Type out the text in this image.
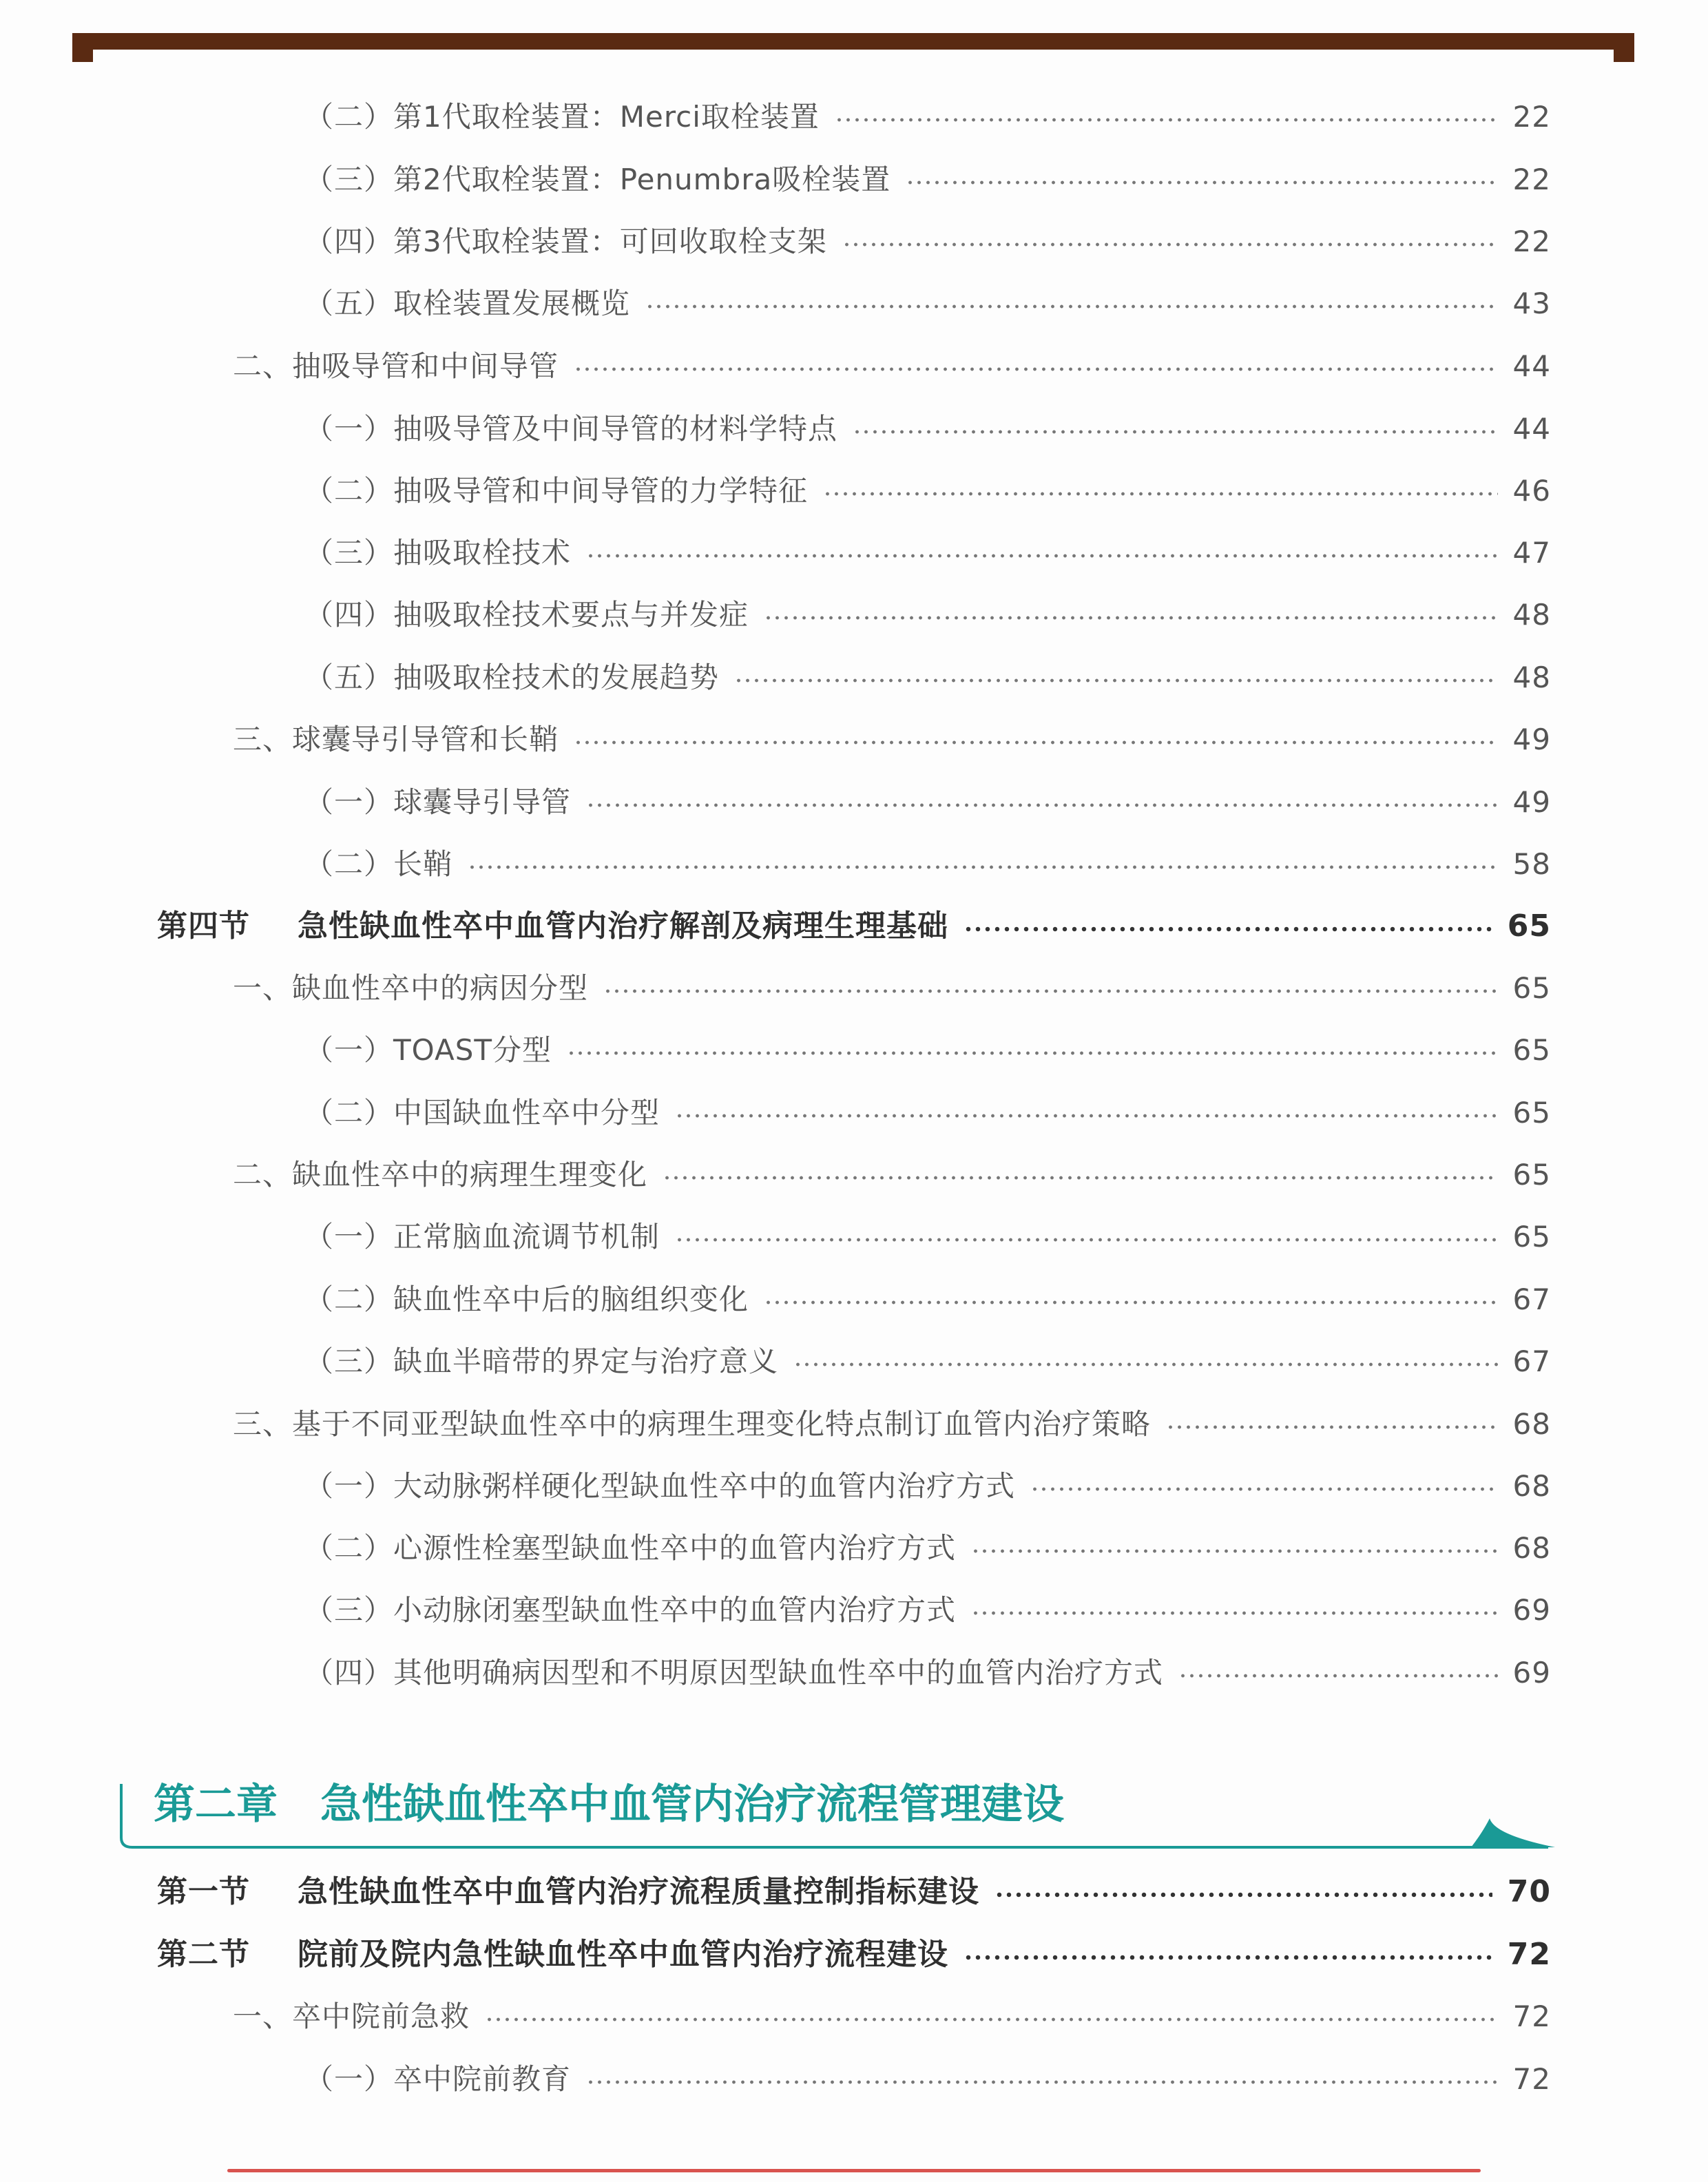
（二）第1代取栓装置：Merci取栓装置	22
（三）第2代取栓装置：Penumbra吸栓装置	22
（四）第3代取栓装置：可回收取栓支架	22
（五）取栓装置发展概览	43
二、抽吸导管和中间导管	44
（一）抽吸导管及中间导管的材料学特点	44
（二）抽吸导管和中间导管的力学特征	46
（三）抽吸取栓技术	47
（四）抽吸取栓技术要点与并发症	48
（五）抽吸取栓技术的发展趋势	48
三、球囊导引导管和长鞘	49
（一）球囊导引导管	49
（二）长鞘	58
第四节 急性缺血性卒中血管内治疗解剖及病理生理基础	65
一、缺血性卒中的病因分型	65
（一）TOAST分型	65
（二）中国缺血性卒中分型	65
二、缺血性卒中的病理生理变化	65
（一）正常脑血流调节机制	65
（二）缺血性卒中后的脑组织变化	67
（三）缺血半暗带的界定与治疗意义	67
三、基于不同亚型缺血性卒中的病理生理变化特点制订血管内治疗策略	68
（一）大动脉粥样硬化型缺血性卒中的血管内治疗方式	68
（二）心源性栓塞型缺血性卒中的血管内治疗方式	68
（三）小动脉闭塞型缺血性卒中的血管内治疗方式	69
（四）其他明确病因型和不明原因型缺血性卒中的血管内治疗方式	69
第二章 急性缺血性卒中血管内治疗流程管理建设
第一节 急性缺血性卒中血管内治疗流程质量控制指标建设	70
第二节 院前及院内急性缺血性卒中血管内治疗流程建设	72
一、卒中院前急救	72
（一）卒中院前教育	72
